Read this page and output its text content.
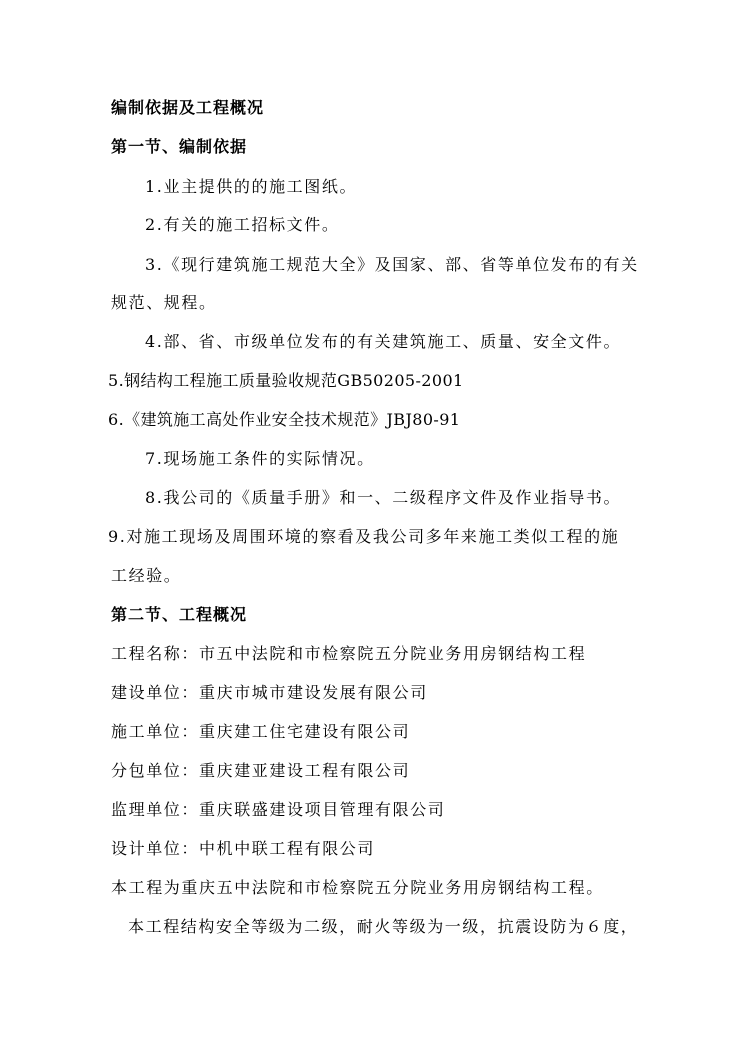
编制依据及工程概况
第一节、编制依据
1.业主提供的的施工图纸。
2.有关的施工招标文件。
3.《现行建筑施工规范大全》及国家、部、省等单位发布的有关
规范、规程。
4.部、省、市级单位发布的有关建筑施工、质量、安全文件。
5.钢结构工程施工质量验收规范GB50205-2001
6.《建筑施工高处作业安全技术规范》JBJ80-91
7.现场施工条件的实际情况。
8.我公司的《质量手册》和一、二级程序文件及作业指导书。
9.对施工现场及周围环境的察看及我公司多年来施工类似工程的施
工经验。
第二节、工程概况
工程名称：市五中法院和市检察院五分院业务用房钢结构工程
建设单位：重庆市城市建设发展有限公司
施工单位：重庆建工住宅建设有限公司
分包单位：重庆建亚建设工程有限公司
监理单位：重庆联盛建设项目管理有限公司
设计单位：中机中联工程有限公司
本工程为重庆五中法院和市检察院五分院业务用房钢结构工程。
本工程结构安全等级为二级，耐火等级为一级，抗震设防为６度，
